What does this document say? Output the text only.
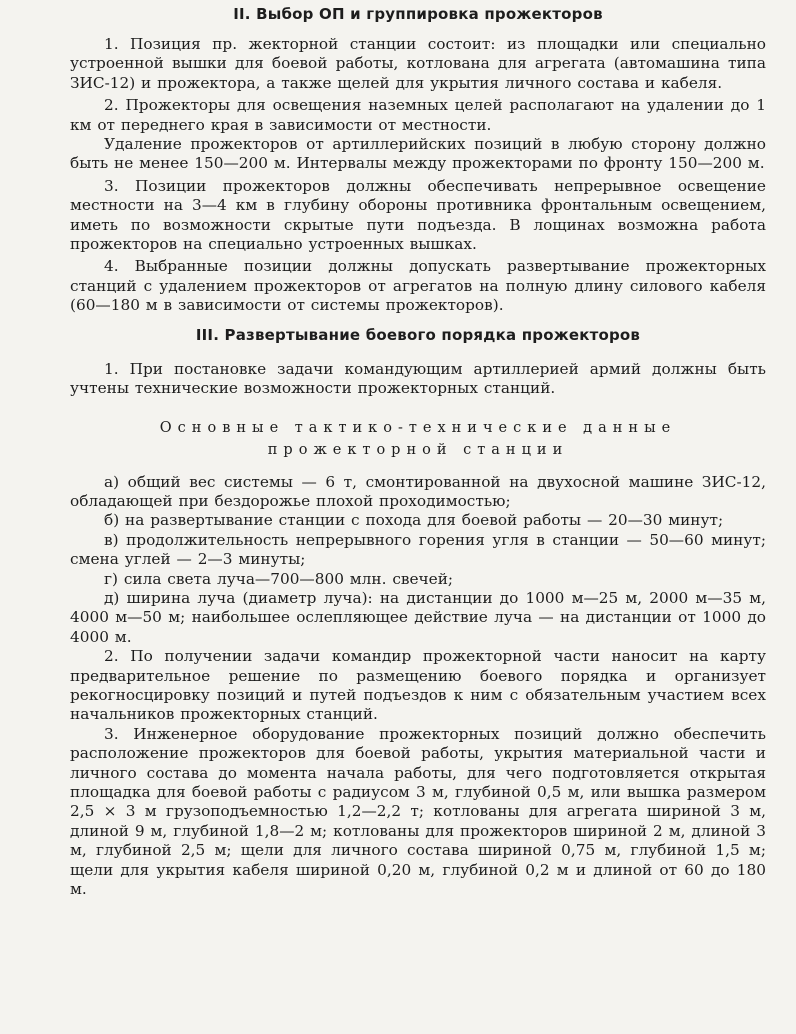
II. Выбор ОП и группировка прожекторов

1. Позиция пр. жекторной станции состоит: из площадки или специально устроенной вышки для боевой работы, котлована для агрегата (автомашина типа ЗИС-12) и прожектора, а также щелей для укрытия личного состава и кабеля.

2. Прожекторы для освещения наземных целей располагают на удалении до 1 км от переднего края в зависимости от местности.

Удаление прожекторов от артиллерийских позиций в любую сторону должно быть не менее 150—200 м. Интервалы между прожекторами по фронту 150—200 м.

3. Позиции прожекторов должны обеспечивать непрерывное освещение местности на 3—4 км в глубину обороны противника фронтальным освещением, иметь по возможности скрытые пути подъезда. В лощинах возможна работа прожекторов на специально устроенных вышках.

4. Выбранные позиции должны допускать развертывание прожекторных станций с удалением прожекторов от агрегатов на полную длину силового кабеля (60—180 м в зависимости от системы прожекторов).

III. Развертывание боевого порядка прожекторов

1. При постановке задачи командующим артиллерией армий должны быть учтены технические возможности прожекторных станций.

Основные тактико-технические данные
прожекторной станции

а) общий вес системы — 6 т, смонтированной на двухосной машине ЗИС-12, обладающей при бездорожье плохой проходимостью;

б) на развертывание станции с похода для боевой работы — 20—30 минут;

в) продолжительность непрерывного горения угля в станции — 50—60 минут; смена углей — 2—3 минуты;

г) сила света луча—700—800 млн. свечей;

д) ширина луча (диаметр луча): на дистанции до 1000 м—25 м, 2000 м—35 м, 4000 м—50 м; наибольшее ослепляющее действие луча — на дистанции от 1000 до 4000 м.

2. По получении задачи командир прожекторной части наносит на карту предварительное решение по размещению боевого порядка и организует рекогносцировку позиций и путей подъездов к ним с обязательным участием всех начальников прожекторных станций.

3. Инженерное оборудование прожекторных позиций должно обеспечить расположение прожекторов для боевой работы, укрытия материальной части и личного состава до момента начала работы, для чего подготовляется открытая площадка для боевой работы с радиусом 3 м, глубиной 0,5 м, или вышка размером 2,5 × 3 м грузоподъемностью 1,2—2,2 т; котлованы для агрегата шириной 3 м, длиной 9 м, глубиной 1,8—2 м; котлованы для прожекторов шириной 2 м, длиной 3 м, глубиной 2,5 м; щели для личного состава шириной 0,75 м, глубиной 1,5 м; щели для укрытия кабеля шириной 0,20 м, глубиной 0,2 м и длиной от 60 до 180 м.
